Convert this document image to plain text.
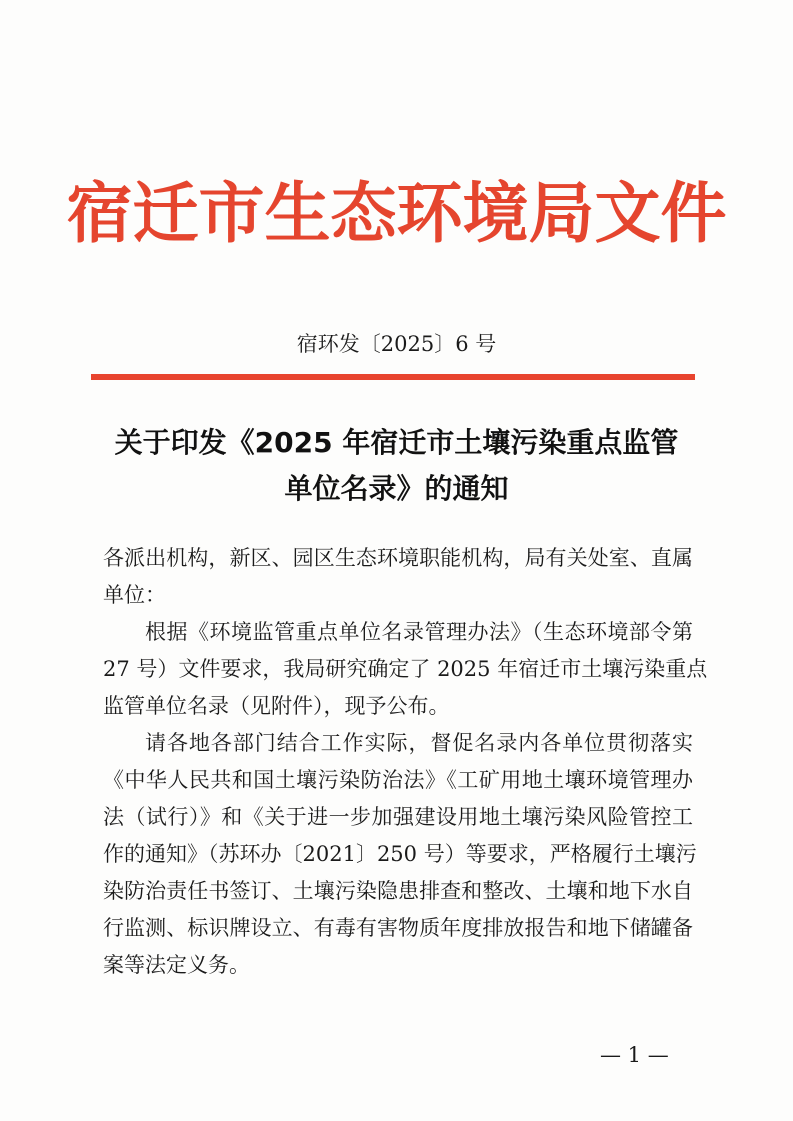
宿迁市生态环境局文件
宿环发〔2025〕6 号
关于印发《2025 年宿迁市土壤污染重点监管
单位名录》的通知
各派出机构，新区、园区生态环境职能机构，局有关处室、直属
单位：
根据《环境监管重点单位名录管理办法》（生态环境部令第
27 号）文件要求，我局研究确定了 2025 年宿迁市土壤污染重点
监管单位名录（见附件），现予公布。
请各地各部门结合工作实际，督促名录内各单位贯彻落实
《中华人民共和国土壤污染防治法》《工矿用地土壤环境管理办
法（试行）》和《关于进一步加强建设用地土壤污染风险管控工
作的通知》（苏环办〔2021〕250 号）等要求，严格履行土壤污
染防治责任书签订、土壤污染隐患排查和整改、土壤和地下水自
行监测、标识牌设立、有毒有害物质年度排放报告和地下储罐备
案等法定义务。
— 1 —
